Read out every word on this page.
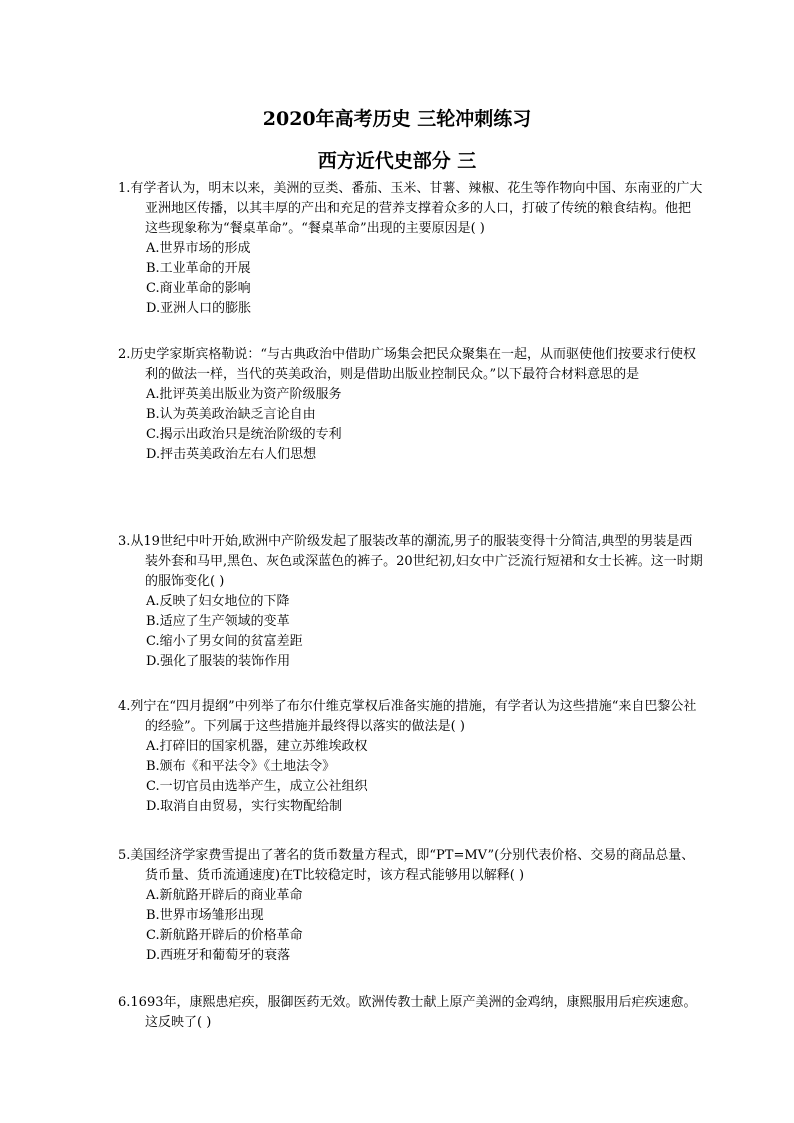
2020年高考历史 三轮冲刺练习
西方近代史部分 三
1.有学者认为，明末以来，美洲的豆类、番茄、玉米、甘薯、辣椒、花生等作物向中国、东南亚的广大亚洲地区传播，以其丰厚的产出和充足的营养支撑着众多的人口，打破了传统的粮食结构。他把这些现象称为“餐桌革命”。“餐桌革命”出现的主要原因是( )
A.世界市场的形成
B.工业革命的开展
C.商业革命的影响
D.亚洲人口的膨胀
2.历史学家斯宾格勒说：“与古典政治中借助广场集会把民众聚集在一起，从而驱使他们按要求行使权利的做法一样，当代的英美政治，则是借助出版业控制民众。”以下最符合材料意思的是
A.批评英美出版业为资产阶级服务
B.认为英美政治缺乏言论自由
C.揭示出政治只是统治阶级的专利
D.抨击英美政治左右人们思想
3.从19世纪中叶开始,欧洲中产阶级发起了服装改革的潮流,男子的服装变得十分简洁,典型的男装是西装外套和马甲,黑色、灰色或深蓝色的裤子。20世纪初,妇女中广泛流行短裙和女士长裤。这一时期的服饰变化( )
A.反映了妇女地位的下降
B.适应了生产领域的变革
C.缩小了男女间的贫富差距
D.强化了服装的装饰作用
4.列宁在“四月提纲”中列举了布尔什维克掌权后准备实施的措施，有学者认为这些措施“来自巴黎公社的经验”。下列属于这些措施并最终得以落实的做法是( )
A.打碎旧的国家机器，建立苏维埃政权
B.颁布《和平法令》《土地法令》
C.一切官员由选举产生，成立公社组织
D.取消自由贸易，实行实物配给制
5.美国经济学家费雪提出了著名的货币数量方程式，即“PT=MV”(分别代表价格、交易的商品总量、货币量、货币流通速度)在T比较稳定时，该方程式能够用以解释( )
A.新航路开辟后的商业革命
B.世界市场雏形出现
C.新航路开辟后的价格革命
D.西班牙和葡萄牙的衰落
6.1693年，康熙患疟疾，服御医药无效。欧洲传教士献上原产美洲的金鸡纳，康熙服用后疟疾速愈。这反映了( )
